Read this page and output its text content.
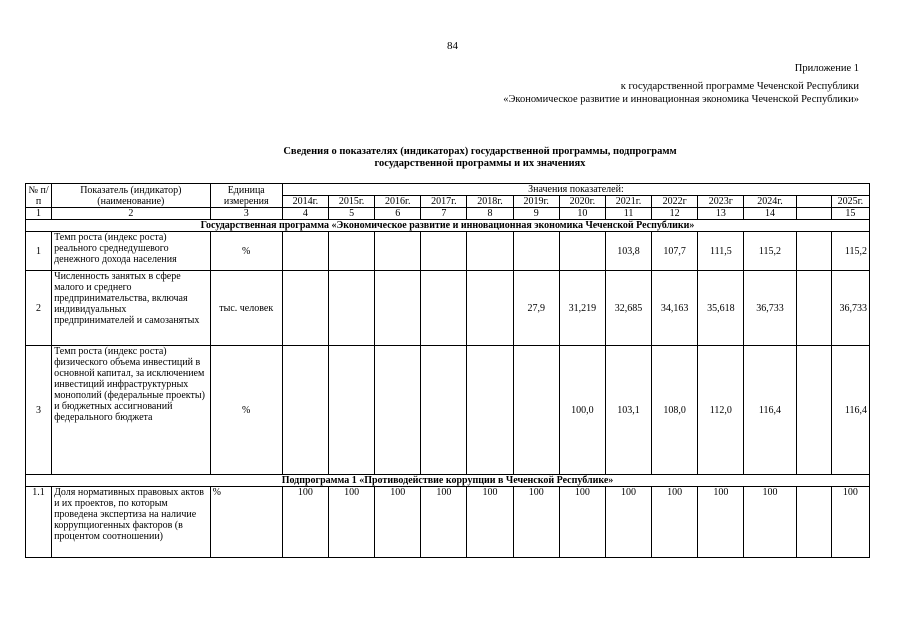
84
Приложение 1
к государственной программе Чеченской Республики
«Экономическое развитие и инновационная экономика Чеченской Республики»
Сведения о показателях (индикаторах) государственной программы, подпрограмм
государственной программы и их значениях
№ п/п	Показатель (индикатор) (наименование)	Единица измерения	Значения показателей:												
			2014г.	2015г.	2016г.	2017г.	2018г.	2019г.	2020г.	2021г.	2022г	2023г	2024г.		2025г.
1	2	3	4	5	6	7	8	9	10	11	12	13	14		15
Государственная программа «Экономическое развитие и инновационная экономика Чеченской Республики»															
1	Темп роста (индекс роста) реального среднедушевого денежного дохода населения	%								103,8	107,7	111,5	115,2		115,2
2	Численность занятых в сфере малого и среднего предпринимательства, включая индивидуальных предпринимателей и самозанятых	тыс. человек						27,9	31,219	32,685	34,163	35,618	36,733		36,733
3	Темп роста (индекс роста) физического объема инвестиций в основной капитал, за исключением инвестиций инфраструктурных монополий (федеральные проекты) и бюджетных ассигнований федерального бюджета	%							100,0	103,1	108,0	112,0	116,4		116,4
Подпрограмма 1 «Противодействие коррупции в Чеченской Республике»															
1.1	Доля нормативных правовых актов и их проектов, по которым проведена экспертиза на наличие коррупциогенных факторов (в процентом соотношении)	%	100	100	100	100	100	100	100	100	100	100	100		100
